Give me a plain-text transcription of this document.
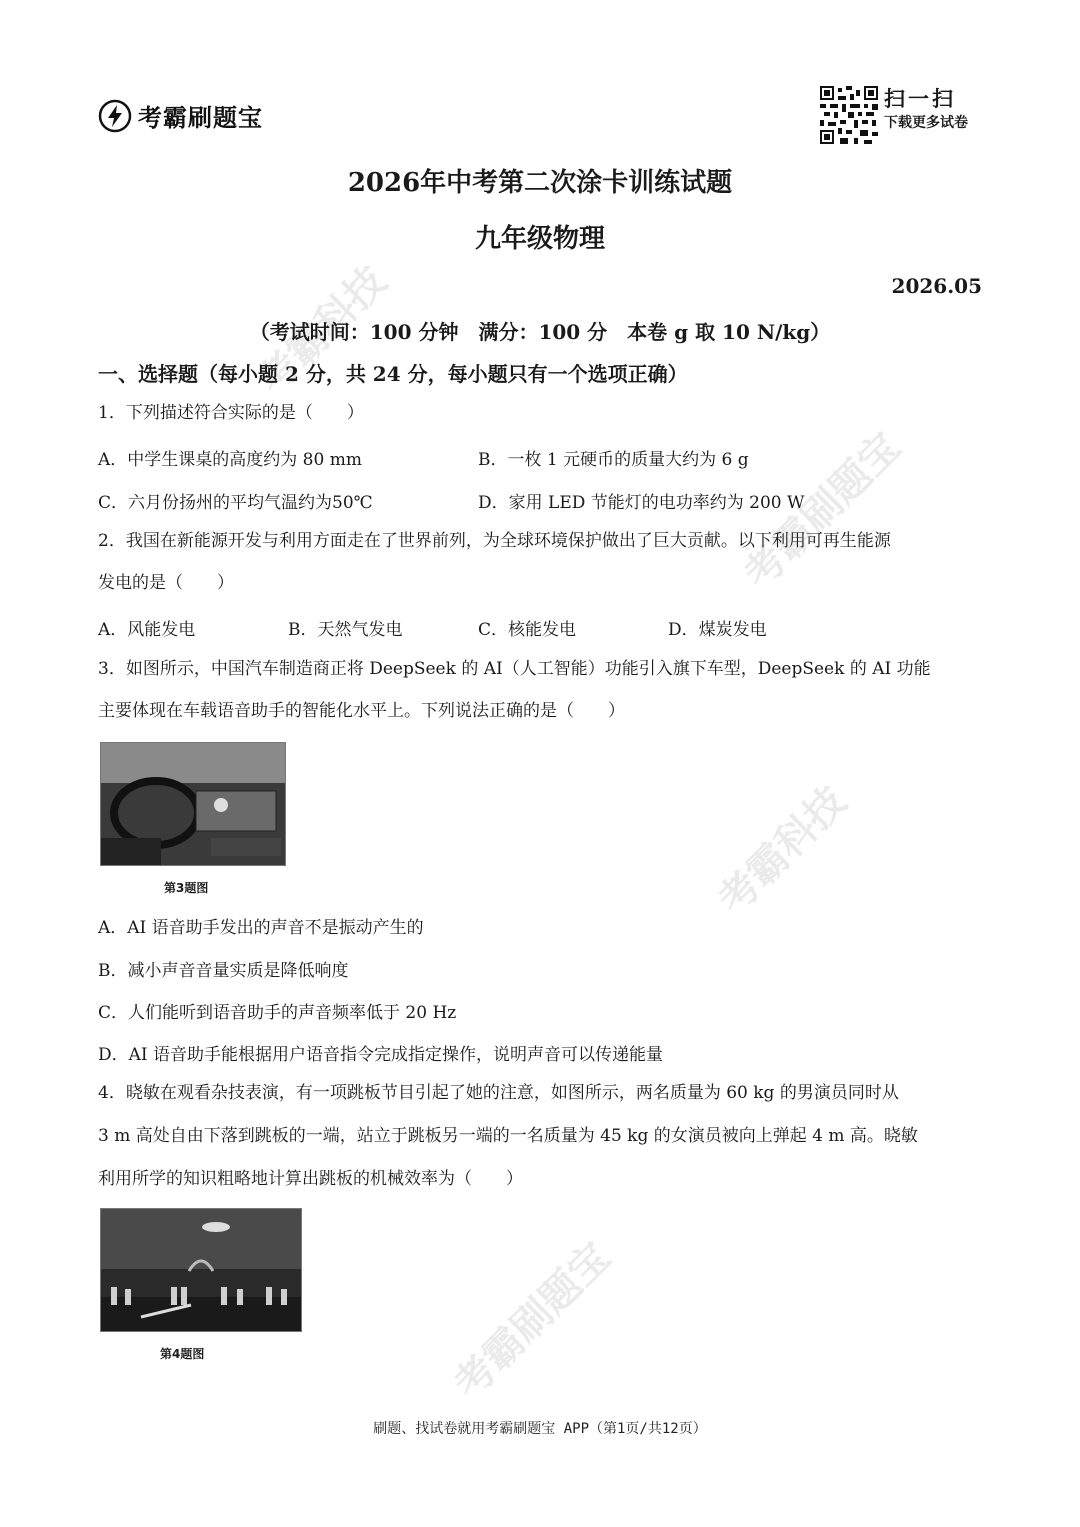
考霸科技
考霸刷题宝
考霸科技
考霸刷题宝
考霸刷题宝
扫一扫
下载更多试卷
2026年中考第二次涂卡训练试题
九年级物理
2026.05
（考试时间：100 分钟　满分：100 分　本卷 g 取 10 N/kg）
一、选择题（每小题 2 分，共 24 分，每小题只有一个选项正确）
1．下列描述符合实际的是（　　）
A．中学生课桌的高度约为 80 mm	B．一枚 1 元硬币的质量大约为 6 g
C．六月份扬州的平均气温约为50℃	D．家用 LED 节能灯的电功率约为 200 W
2．我国在新能源开发与利用方面走在了世界前列，为全球环境保护做出了巨大贡献。以下利用可再生能源
发电的是（　　）
A．风能发电	B．天然气发电	C．核能发电	D．煤炭发电
3．如图所示，中国汽车制造商正将 DeepSeek 的 AI（人工智能）功能引入旗下车型，DeepSeek 的 AI 功能
主要体现在车载语音助手的智能化水平上。下列说法正确的是（　　）
第3题图
A．AI 语音助手发出的声音不是振动产生的
B．减小声音音量实质是降低响度
C．人们能听到语音助手的声音频率低于 20 Hz
D．AI 语音助手能根据用户语音指令完成指定操作，说明声音可以传递能量
4．晓敏在观看杂技表演，有一项跳板节目引起了她的注意，如图所示，两名质量为 60 kg 的男演员同时从
3 m 高处自由下落到跳板的一端，站立于跳板另一端的一名质量为 45 kg 的女演员被向上弹起 4 m 高。晓敏
利用所学的知识粗略地计算出跳板的机械效率为（　　）
第4题图
刷题、找试卷就用考霸刷题宝 APP（第1页/共12页）
